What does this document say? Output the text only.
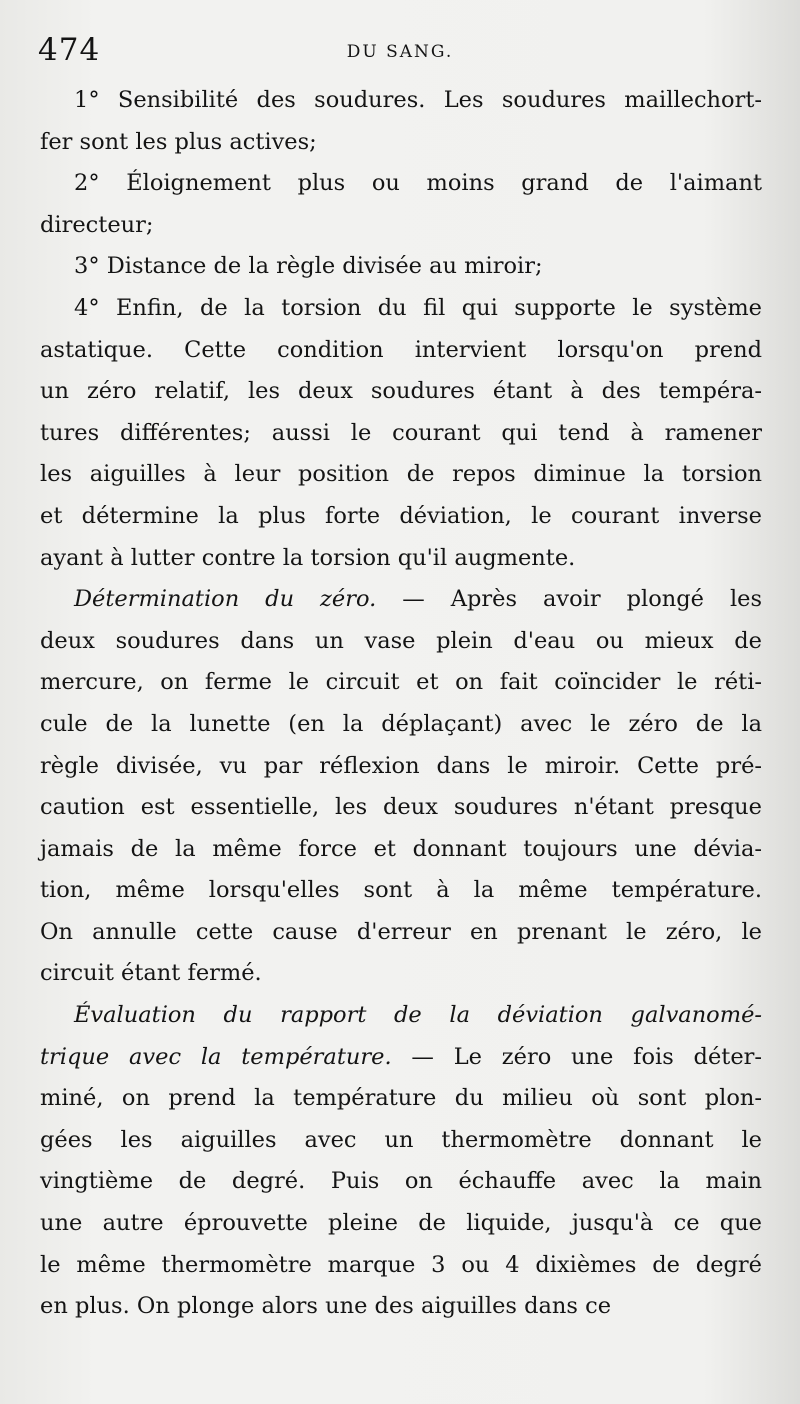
474	DU SANG.
1° Sensibilité des soudures. Les soudures maillechort-
fer sont les plus actives;
2° Éloignement plus ou moins grand de l'aimant
directeur;
3° Distance de la règle divisée au miroir;
4° Enfin, de la torsion du fil qui supporte le système
astatique. Cette condition intervient lorsqu'on prend
un zéro relatif, les deux soudures étant à des tempéra-
tures différentes; aussi le courant qui tend à ramener
les aiguilles à leur position de repos diminue la torsion
et détermine la plus forte déviation, le courant inverse
ayant à lutter contre la torsion qu'il augmente.
Détermination du zéro. — Après avoir plongé les
deux soudures dans un vase plein d'eau ou mieux de
mercure, on ferme le circuit et on fait coïncider le réti-
cule de la lunette (en la déplaçant) avec le zéro de la
règle divisée, vu par réflexion dans le miroir. Cette pré-
caution est essentielle, les deux soudures n'étant presque
jamais de la même force et donnant toujours une dévia-
tion, même lorsqu'elles sont à la même température.
On annulle cette cause d'erreur en prenant le zéro, le
circuit étant fermé.
Évaluation du rapport de la déviation galvanomé-
trique avec la température. — Le zéro une fois déter-
miné, on prend la température du milieu où sont plon-
gées les aiguilles avec un thermomètre donnant le
vingtième de degré. Puis on échauffe avec la main
une autre éprouvette pleine de liquide, jusqu'à ce que
le même thermomètre marque 3 ou 4 dixièmes de degré
en plus. On plonge alors une des aiguilles dans ce
